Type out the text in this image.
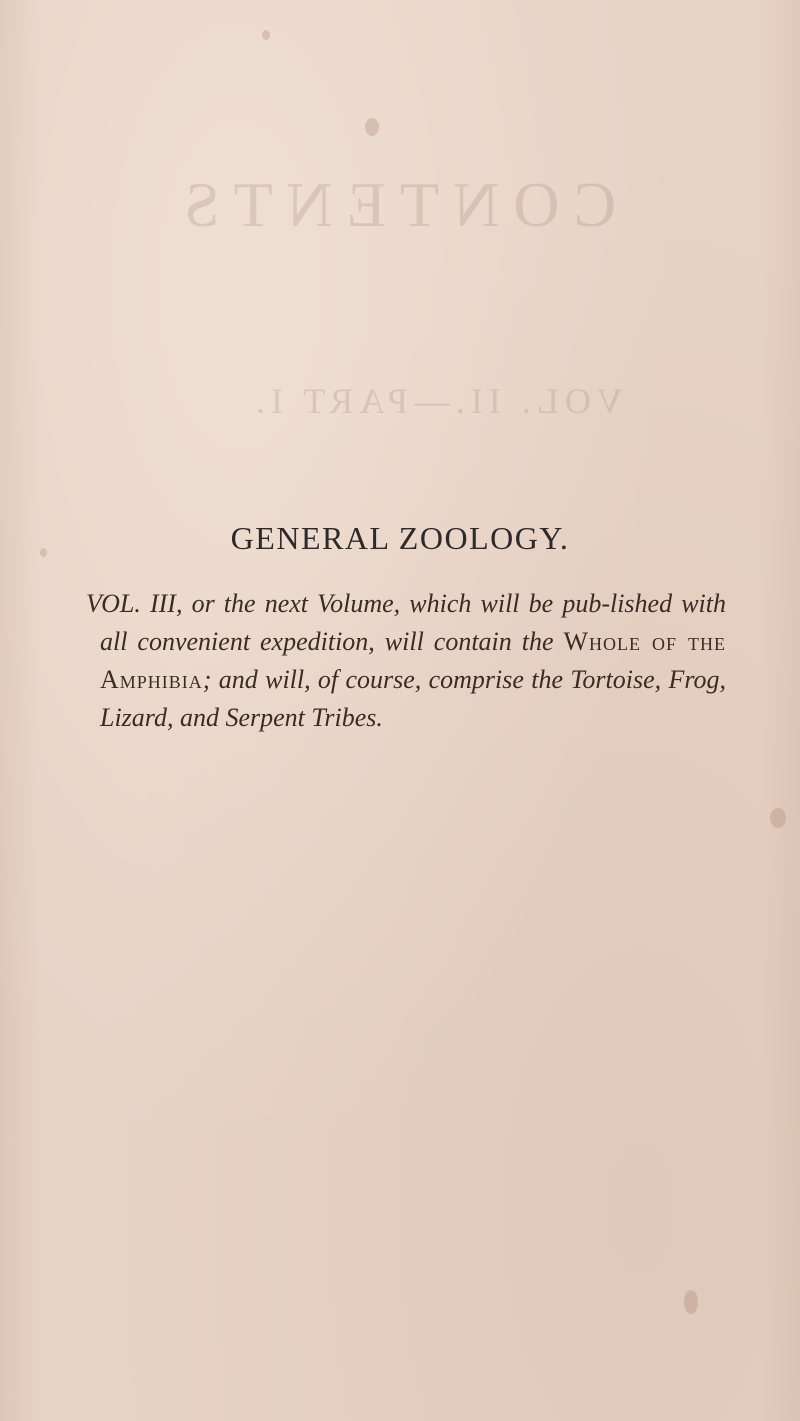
CONTENTS
VOL. II.—PART I.
GENERAL ZOOLOGY.

VOL. III, or the next Volume, which will be pub-lished with all convenient expedition, will contain the Whole of the Amphibia; and will, of course, comprise the Tortoise, Frog, Lizard, and Serpent Tribes.
